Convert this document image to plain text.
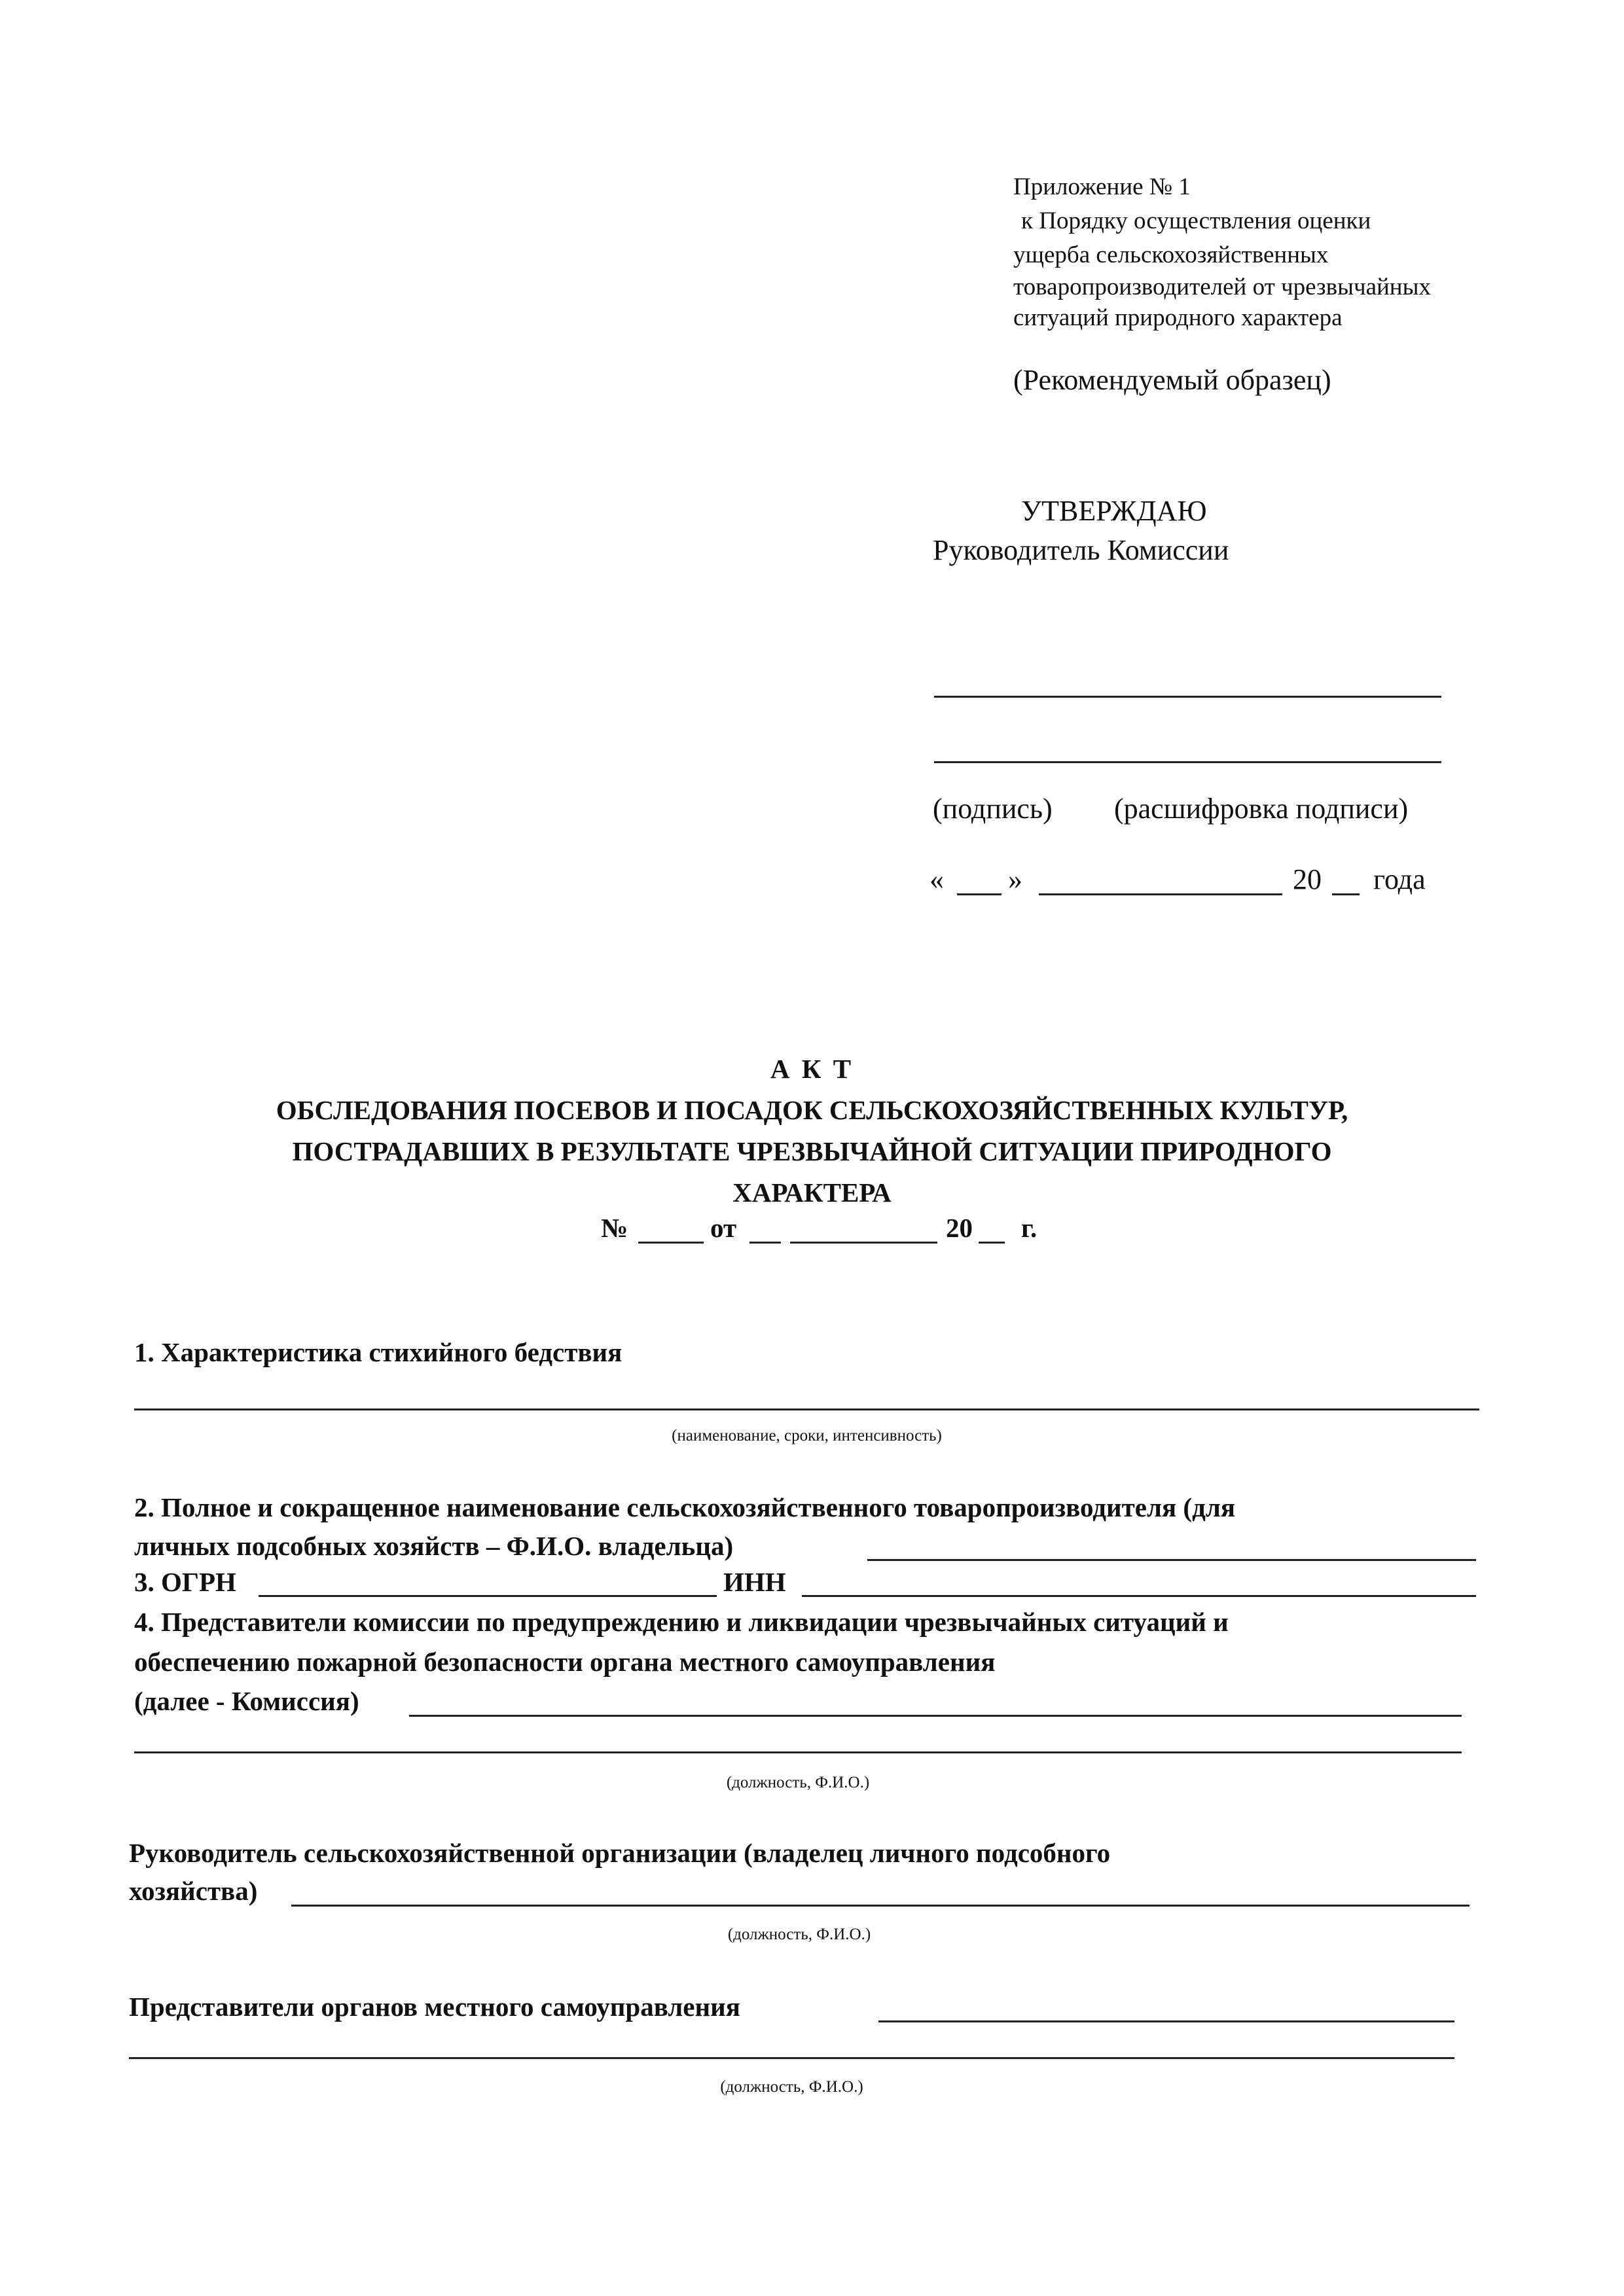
Приложение № 1
к Порядку осуществления оценки
ущерба сельскохозяйственных
товаропроизводителей от чрезвычайных
ситуаций природного характера
(Рекомендуемый образец)
УТВЕРЖДАЮ
Руководитель Комиссии
(подпись) (расшифровка подписи)
« »	20 года
А К Т
ОБСЛЕДОВАНИЯ ПОСЕВОВ И ПОСАДОК СЕЛЬСКОХОЗЯЙСТВЕННЫХ КУЛЬТУР,
ПОСТРАДАВШИХ В РЕЗУЛЬТАТЕ ЧРЕЗВЫЧАЙНОЙ СИТУАЦИИ ПРИРОДНОГО
ХАРАКТЕРА
№	от	20 г.
1. Характеристика стихийного бедствия
(наименование, сроки, интенсивность)
2. Полное и сокращенное наименование сельскохозяйственного товаропроизводителя (для
личных подсобных хозяйств – Ф.И.О. владельца)
3. ОГРН	ИНН
4. Представители комиссии по предупреждению и ликвидации чрезвычайных ситуаций и
обеспечению пожарной безопасности органа местного самоуправления
(далее - Комиссия)
(должность, Ф.И.О.)
Руководитель сельскохозяйственной организации (владелец личного подсобного
хозяйства)
(должность, Ф.И.О.)
Представители органов местного самоуправления
(должность, Ф.И.О.)
